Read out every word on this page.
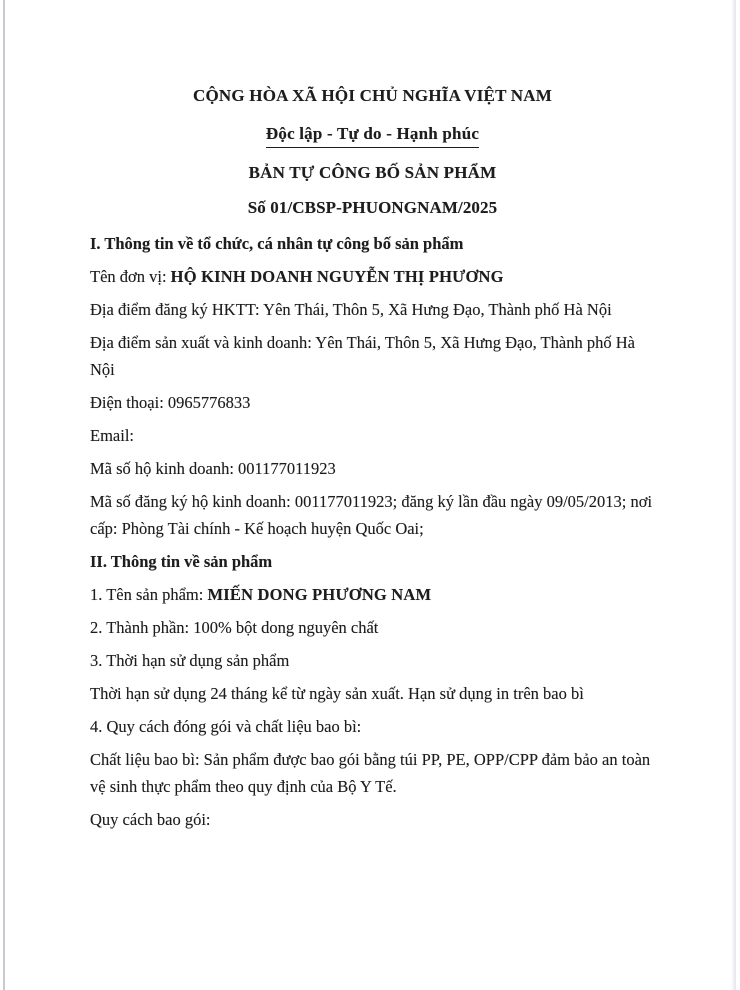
CỘNG HÒA XÃ HỘI CHỦ NGHĨA VIỆT NAM
Độc lập - Tự do - Hạnh phúc
BẢN TỰ CÔNG BỐ SẢN PHẨM
Số 01/CBSP-PHUONGNAM/2025

I. Thông tin về tổ chức, cá nhân tự công bố sản phẩm

Tên đơn vị: HỘ KINH DOANH NGUYỄN THỊ PHƯƠNG

Địa điểm đăng ký HKTT: Yên Thái, Thôn 5, Xã Hưng Đạo, Thành phố Hà Nội

Địa điểm sản xuất và kinh doanh: Yên Thái, Thôn 5, Xã Hưng Đạo, Thành phố Hà Nội

Điện thoại: 0965776833

Email:

Mã số hộ kinh doanh: 001177011923

Mã số đăng ký hộ kinh doanh: 001177011923; đăng ký lần đầu ngày 09/05/2013; nơi cấp: Phòng Tài chính - Kế hoạch huyện Quốc Oai;

II. Thông tin về sản phẩm

1. Tên sản phẩm: MIẾN DONG PHƯƠNG NAM

2. Thành phần: 100% bột dong nguyên chất

3. Thời hạn sử dụng sản phẩm

Thời hạn sử dụng 24 tháng kể từ ngày sản xuất. Hạn sử dụng in trên bao bì

4. Quy cách đóng gói và chất liệu bao bì:

Chất liệu bao bì: Sản phẩm được bao gói bằng túi PP, PE, OPP/CPP đảm bảo an toàn vệ sinh thực phẩm theo quy định của Bộ Y Tế.

Quy cách bao gói:
